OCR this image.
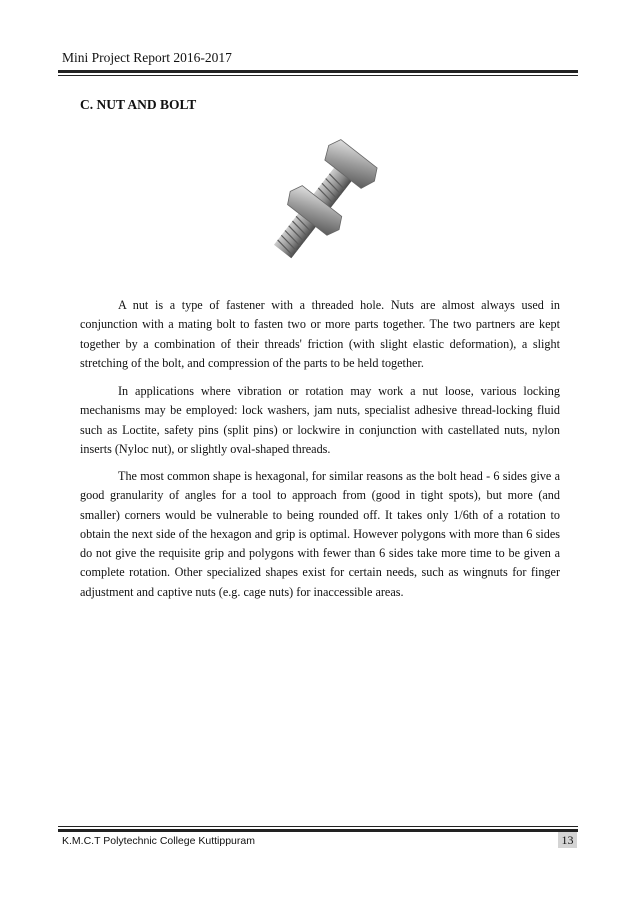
Mini Project Report 2016-2017
C. NUT AND BOLT

A nut is a type of fastener with a threaded hole. Nuts are almost always used in conjunction with a mating bolt to fasten two or more parts together. The two partners are kept together by a combination of their threads' friction (with slight elastic deformation), a slight stretching of the bolt, and compression of the parts to be held together.

In applications where vibration or rotation may work a nut loose, various locking mechanisms may be employed: lock washers, jam nuts, specialist adhesive thread-locking fluid such as Loctite, safety pins (split pins) or lockwire in conjunction with castellated nuts, nylon inserts (Nyloc nut), or slightly oval-shaped threads.

The most common shape is hexagonal, for similar reasons as the bolt head - 6 sides give a good granularity of angles for a tool to approach from (good in tight spots), but more (and smaller) corners would be vulnerable to being rounded off. It takes only 1/6th of a rotation to obtain the next side of the hexagon and grip is optimal. However polygons with more than 6 sides do not give the requisite grip and polygons with fewer than 6 sides take more time to be given a complete rotation. Other specialized shapes exist for certain needs, such as wingnuts for finger adjustment and captive nuts (e.g. cage nuts) for inaccessible areas.

K.M.C.T Polytechnic College Kuttippuram	13
